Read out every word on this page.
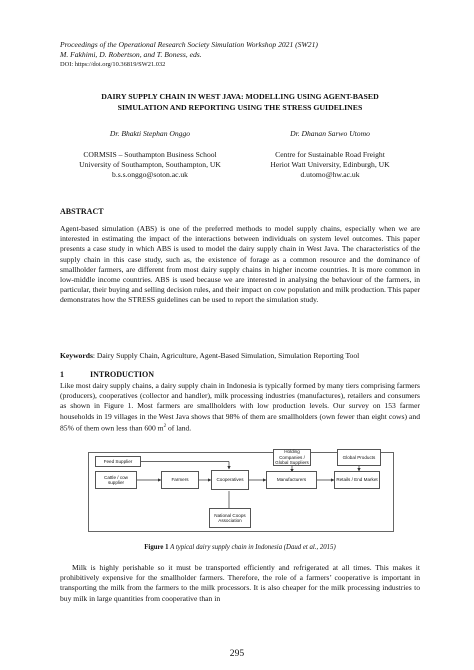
Proceedings of the Operational Research Society Simulation Workshop 2021 (SW21)
M. Fakhimi, D. Robertson, and T. Boness, eds.
DOI: https://doi.org/10.36819/SW21.032
DAIRY SUPPLY CHAIN IN WEST JAVA: MODELLING USING AGENT-BASED
SIMULATION AND REPORTING USING THE STRESS GUIDELINES
Dr. Bhakti Stephan Onggo
CORMSIS – Southampton Business School
University of Southampton, Southampton, UK
b.s.s.onggo@soton.ac.uk
Dr. Dhanan Sarwo Utomo
Centre for Sustainable Road Freight
Heriot Watt University, Edinburgh, UK
d.utomo@hw.ac.uk
ABSTRACT
Agent-based simulation (ABS) is one of the preferred methods to model supply chains, especially when we are interested in estimating the impact of the interactions between individuals on system level outcomes. This paper presents a case study in which ABS is used to model the dairy supply chain in West Java. The characteristics of the supply chain in this case study, such as, the existence of forage as a common resource and the dominance of smallholder farmers, are different from most dairy supply chains in higher income countries. It is more common in low-middle income countries. ABS is used because we are interested in analysing the behaviour of the farmers, in particular, their buying and selling decision rules, and their impact on cow population and milk production. This paper demonstrates how the STRESS guidelines can be used to report the simulation study.
Keywords: Dairy Supply Chain, Agriculture, Agent-Based Simulation, Simulation Reporting Tool
1	INTRODUCTION
Like most dairy supply chains, a dairy supply chain in Indonesia is typically formed by many tiers comprising farmers (producers), cooperatives (collector and handler), milk processing industries (manufactures), retailers and consumers as shown in Figure 1. Most farmers are smallholders with low production levels. Our survey on 153 farmer households in 19 villages in the West Java shows that 98% of them are smallholders (own fewer than eight cows) and 85% of them own less than 600 $m^2$ of land.
Feed Supplier
Cattle / cow supplier
Farmers	Cooperatives	Manufacturers
Holding Companies / Global Suppliers
Global Products
Retails / End Market
National Coops Association
Figure 1 A typical dairy supply chain in Indonesia (Daud et al., 2015)
Milk is highly perishable so it must be transported efficiently and refrigerated at all times. This makes it prohibitively expensive for the smallholder farmers. Therefore, the role of a farmers’ cooperative is important in transporting the milk from the farmers to the milk processors. It is also cheaper for the milk processing industries to buy milk in large quantities from cooperative than in
295
